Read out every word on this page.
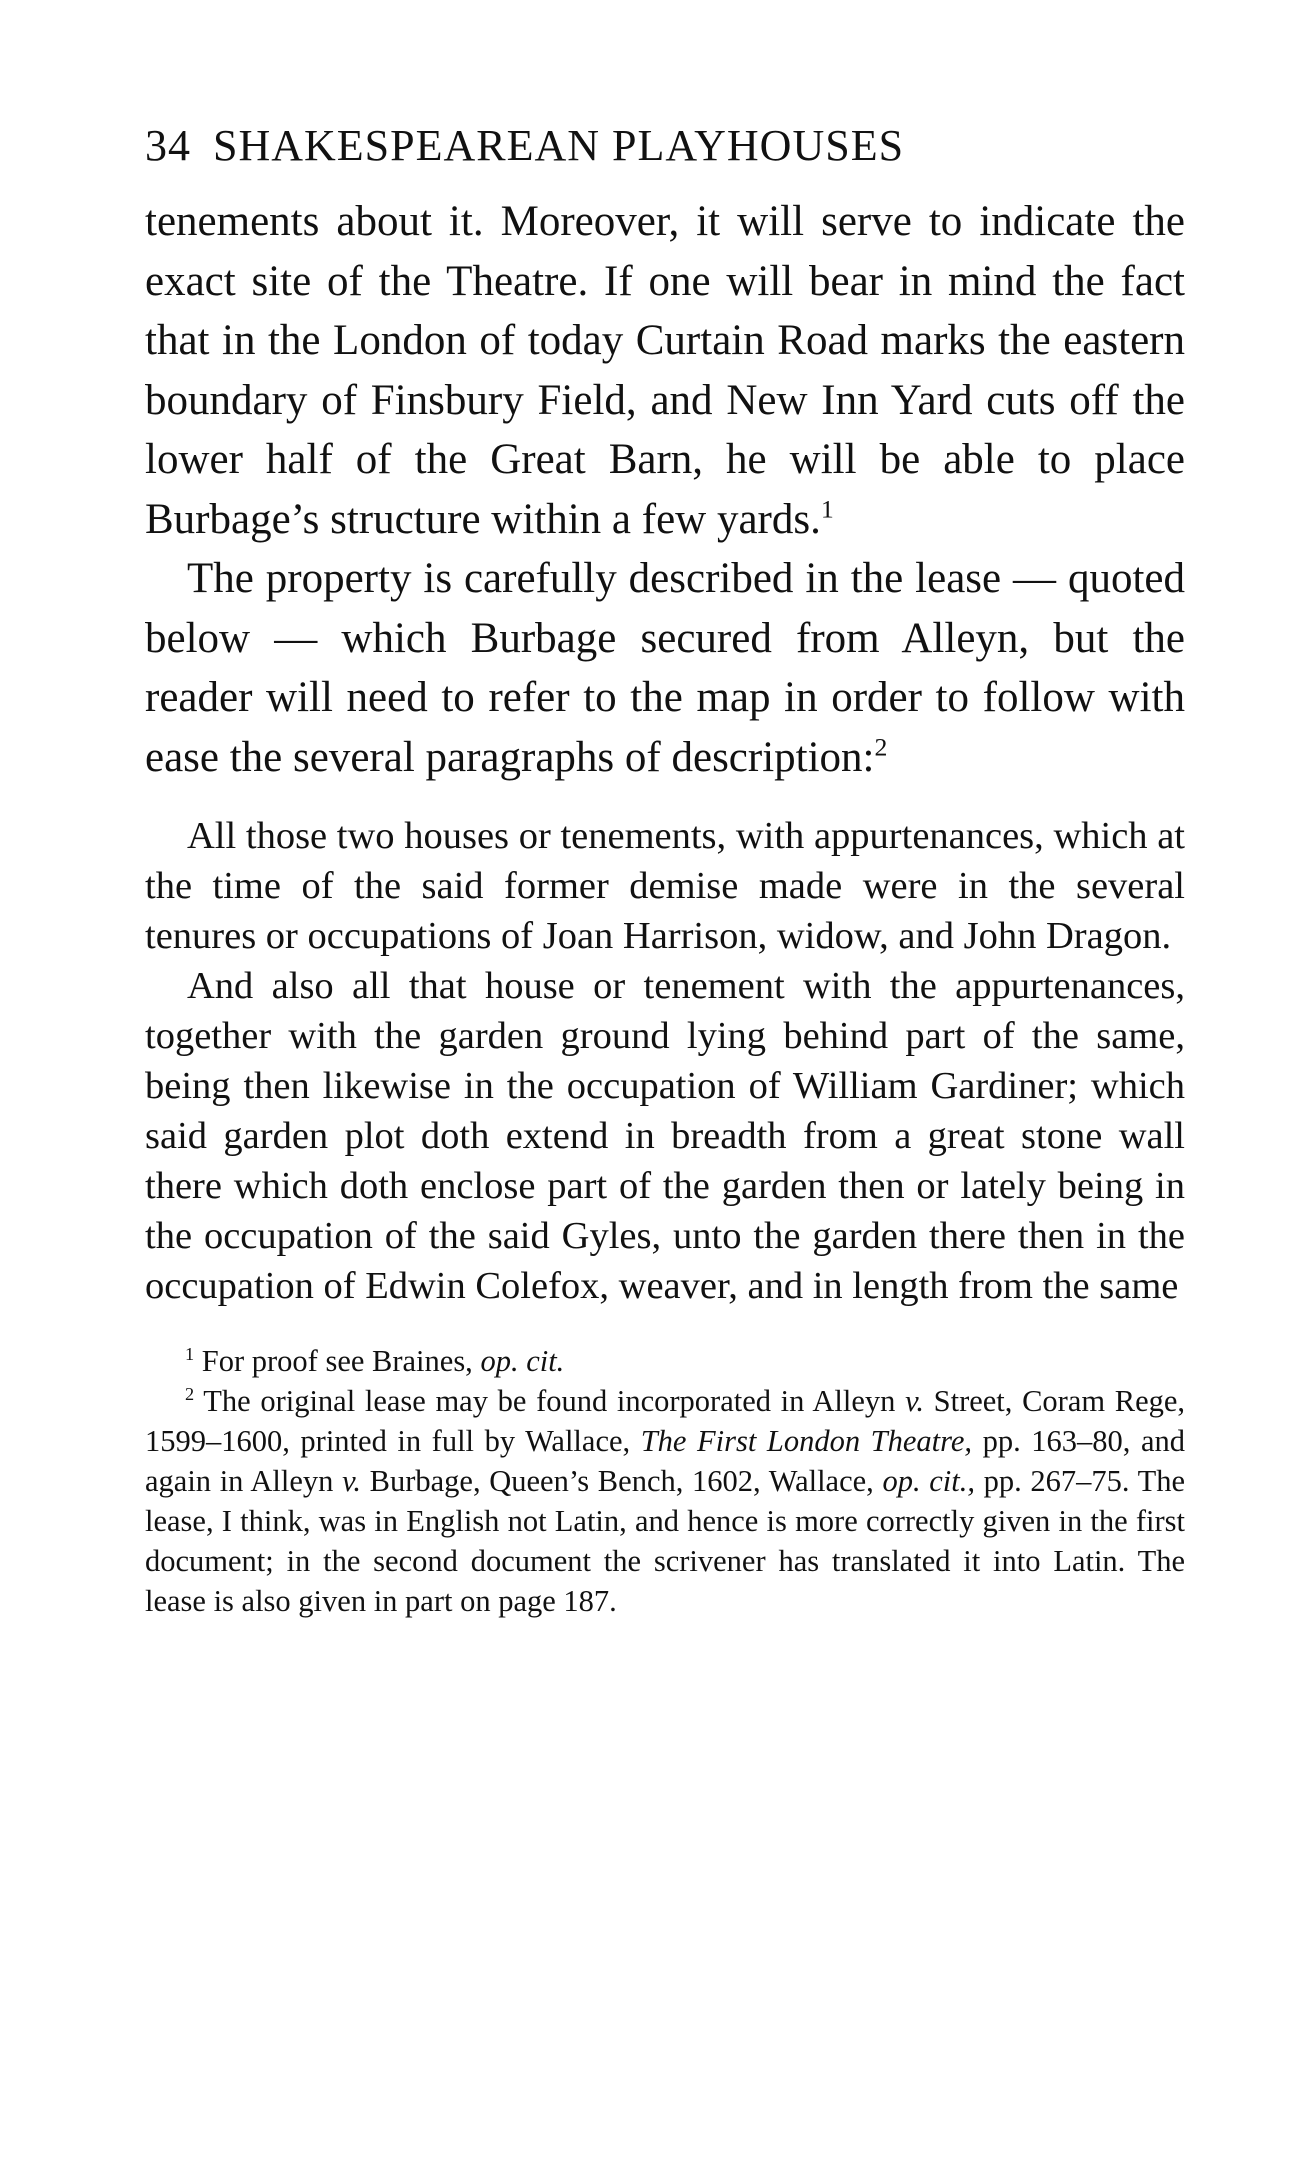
34 SHAKESPEAREAN PLAYHOUSES

tenements about it. Moreover, it will serve to indicate the exact site of the Theatre. If one will bear in mind the fact that in the London of today Curtain Road marks the eastern boundary of Finsbury Field, and New Inn Yard cuts off the lower half of the Great Barn, he will be able to place Burbage’s structure within a few yards.$^1$

The property is carefully described in the lease — quoted below — which Burbage secured from Alleyn, but the reader will need to refer to the map in order to follow with ease the several paragraphs of description:$^2$

All those two houses or tenements, with appurtenances, which at the time of the said former demise made were in the several tenures or occupations of Joan Harrison, widow, and John Dragon.

And also all that house or tenement with the appurtenances, together with the garden ground lying behind part of the same, being then likewise in the occupation of William Gardiner; which said garden plot doth extend in breadth from a great stone wall there which doth enclose part of the garden then or lately being in the occupation of the said Gyles, unto the garden there then in the occupation of Edwin Colefox, weaver, and in length from the same

$^1$ For proof see Braines, op. cit.

$^2$ The original lease may be found incorporated in Alleyn v. Street, Coram Rege, 1599–1600, printed in full by Wallace, The First London Theatre, pp. 163–80, and again in Alleyn v. Burbage, Queen’s Bench, 1602, Wallace, op. cit., pp. 267–75. The lease, I think, was in English not Latin, and hence is more correctly given in the first document; in the second document the scrivener has translated it into Latin. The lease is also given in part on page 187.
